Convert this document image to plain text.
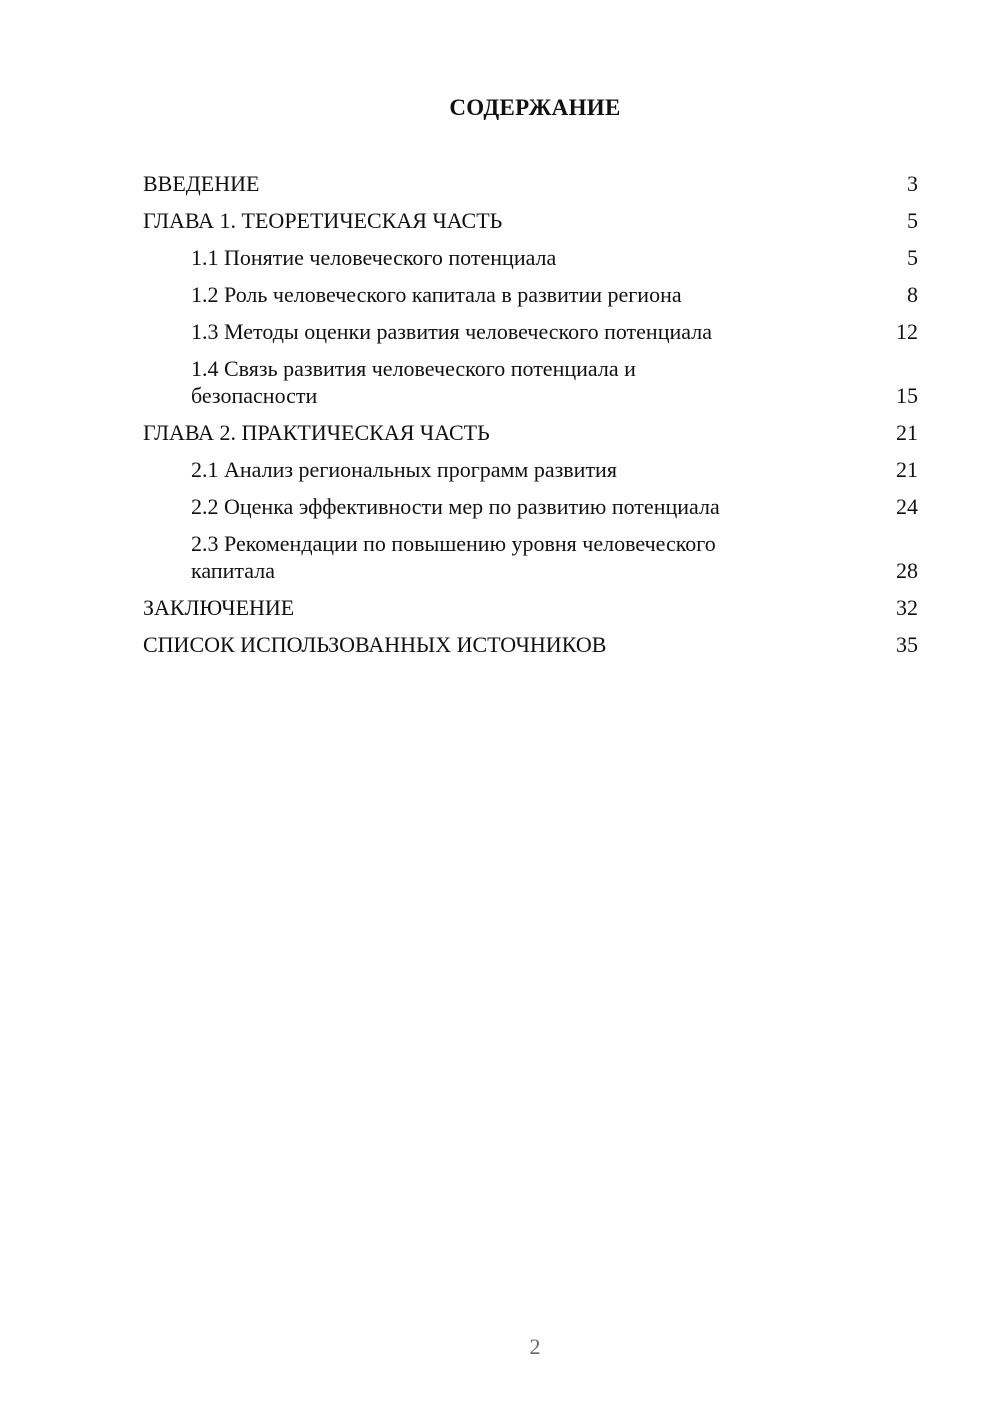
СОДЕРЖАНИЕ
ВВЕДЕНИЕ	3
ГЛАВА 1. ТЕОРЕТИЧЕСКАЯ ЧАСТЬ	5
1.1 Понятие человеческого потенциала	5
1.2 Роль человеческого капитала в развитии региона	8
1.3 Методы оценки развития человеческого потенциала	12
1.4 Связь развития человеческого потенциала и безопасности	15
ГЛАВА 2. ПРАКТИЧЕСКАЯ ЧАСТЬ	21
2.1 Анализ региональных программ развития	21
2.2 Оценка эффективности мер по развитию потенциала	24
2.3 Рекомендации по повышению уровня человеческого капитала	28
ЗАКЛЮЧЕНИЕ	32
СПИСОК ИСПОЛЬЗОВАННЫХ ИСТОЧНИКОВ	35
2
